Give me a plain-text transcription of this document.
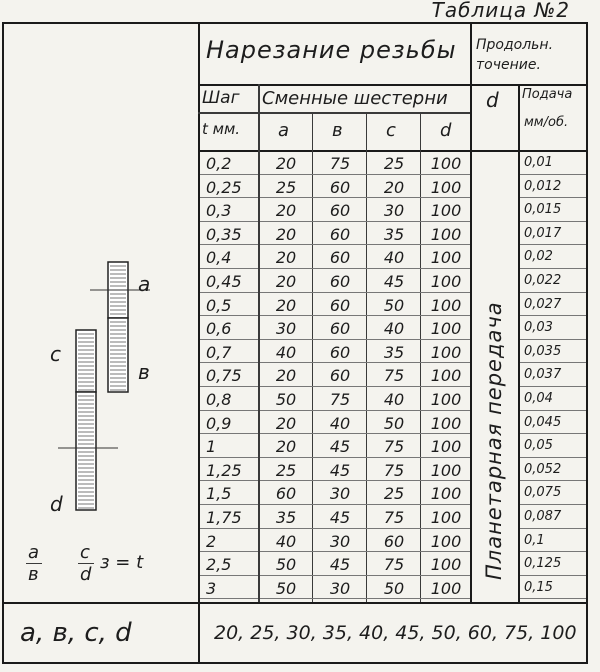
Таблица №2
Нарезание резьбы Продольн.
точение.
Шаг
t мм.
Сменные шестерни
a в с d
d Подача
мм/об.
0,2	20	75	25	100	0,01
0,25	25	60	20	100	0,012
0,3	20	60	30	100	0,015
0,35	20	60	35	100	0,017
0,4	20	60	40	100	0,02
0,45	20	60	45	100	0,022
0,5	20	60	50	100	0,027
0,6	30	60	40	100	0,03
0,7	40	60	35	100	0,035
0,75	20	60	75	100	0,037
0,8	50	75	40	100	0,04
0,9	20	40	50	100	0,045
1	20	45	75	100	0,05
1,25	25	45	75	100	0,052
1,5	60	30	25	100	0,075
1,75	35	45	75	100	0,087
2	40	30	60	100	0,1
2,5	50	45	75	100	0,125
3	50	30	50	100	0,15
Планетарная передача
a
в
c
d
a
в
c
d
з = t
a, в, c, d	20, 25, 30, 35, 40, 45, 50, 60, 75, 100
